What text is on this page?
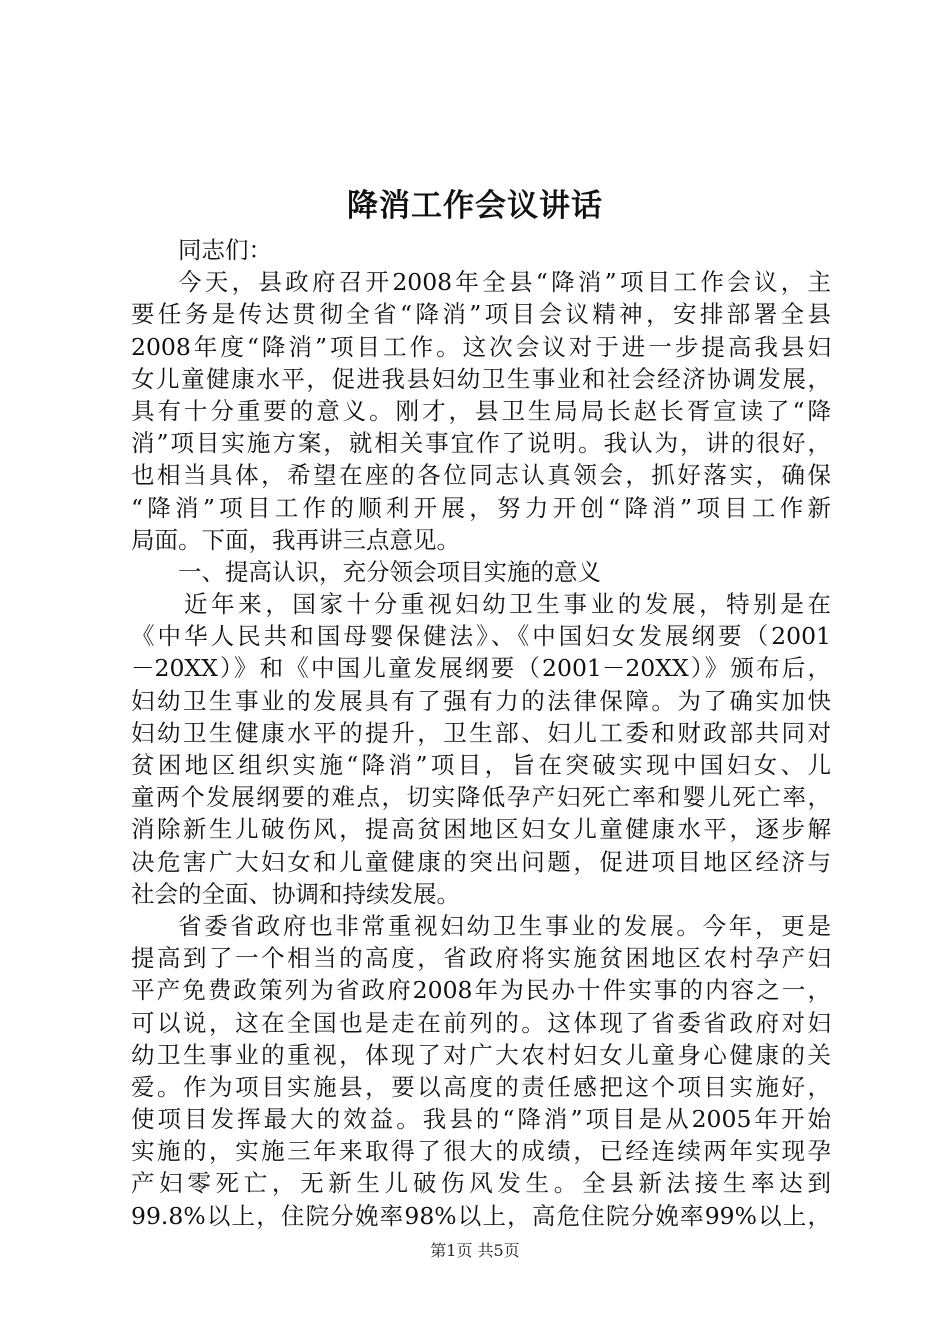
降消工作会议讲话
同志们：
今天，县政府召开2008年全县“降消”项目工作会议，主
要任务是传达贯彻全省“降消”项目会议精神，安排部署全县
2008年度“降消”项目工作。这次会议对于进一步提高我县妇
女儿童健康水平，促进我县妇幼卫生事业和社会经济协调发展，
具有十分重要的意义。刚才，县卫生局局长赵长胥宣读了“降
消”项目实施方案，就相关事宜作了说明。我认为，讲的很好，
也相当具体，希望在座的各位同志认真领会，抓好落实，确保
“降消”项目工作的顺利开展，努力开创“降消”项目工作新
局面。下面，我再讲三点意见。
一、提高认识，充分领会项目实施的意义
近年来，国家十分重视妇幼卫生事业的发展，特别是在
《中华人民共和国母婴保健法》、《中国妇女发展纲要（2001
－20XX）》和《中国儿童发展纲要（2001－20XX）》颁布后，
妇幼卫生事业的发展具有了强有力的法律保障。为了确实加快
妇幼卫生健康水平的提升，卫生部、妇儿工委和财政部共同对
贫困地区组织实施“降消”项目，旨在突破实现中国妇女、儿
童两个发展纲要的难点，切实降低孕产妇死亡率和婴儿死亡率，
消除新生儿破伤风，提高贫困地区妇女儿童健康水平，逐步解
决危害广大妇女和儿童健康的突出问题，促进项目地区经济与
社会的全面、协调和持续发展。
省委省政府也非常重视妇幼卫生事业的发展。今年，更是
提高到了一个相当的高度，省政府将实施贫困地区农村孕产妇
平产免费政策列为省政府2008年为民办十件实事的内容之一，
可以说，这在全国也是走在前列的。这体现了省委省政府对妇
幼卫生事业的重视，体现了对广大农村妇女儿童身心健康的关
爱。作为项目实施县，要以高度的责任感把这个项目实施好，
使项目发挥最大的效益。我县的“降消”项目是从2005年开始
实施的，实施三年来取得了很大的成绩，已经连续两年实现孕
产妇零死亡，无新生儿破伤风发生。全县新法接生率达到
99.8%以上，住院分娩率98%以上，高危住院分娩率99%以上，
第1页 共5页
